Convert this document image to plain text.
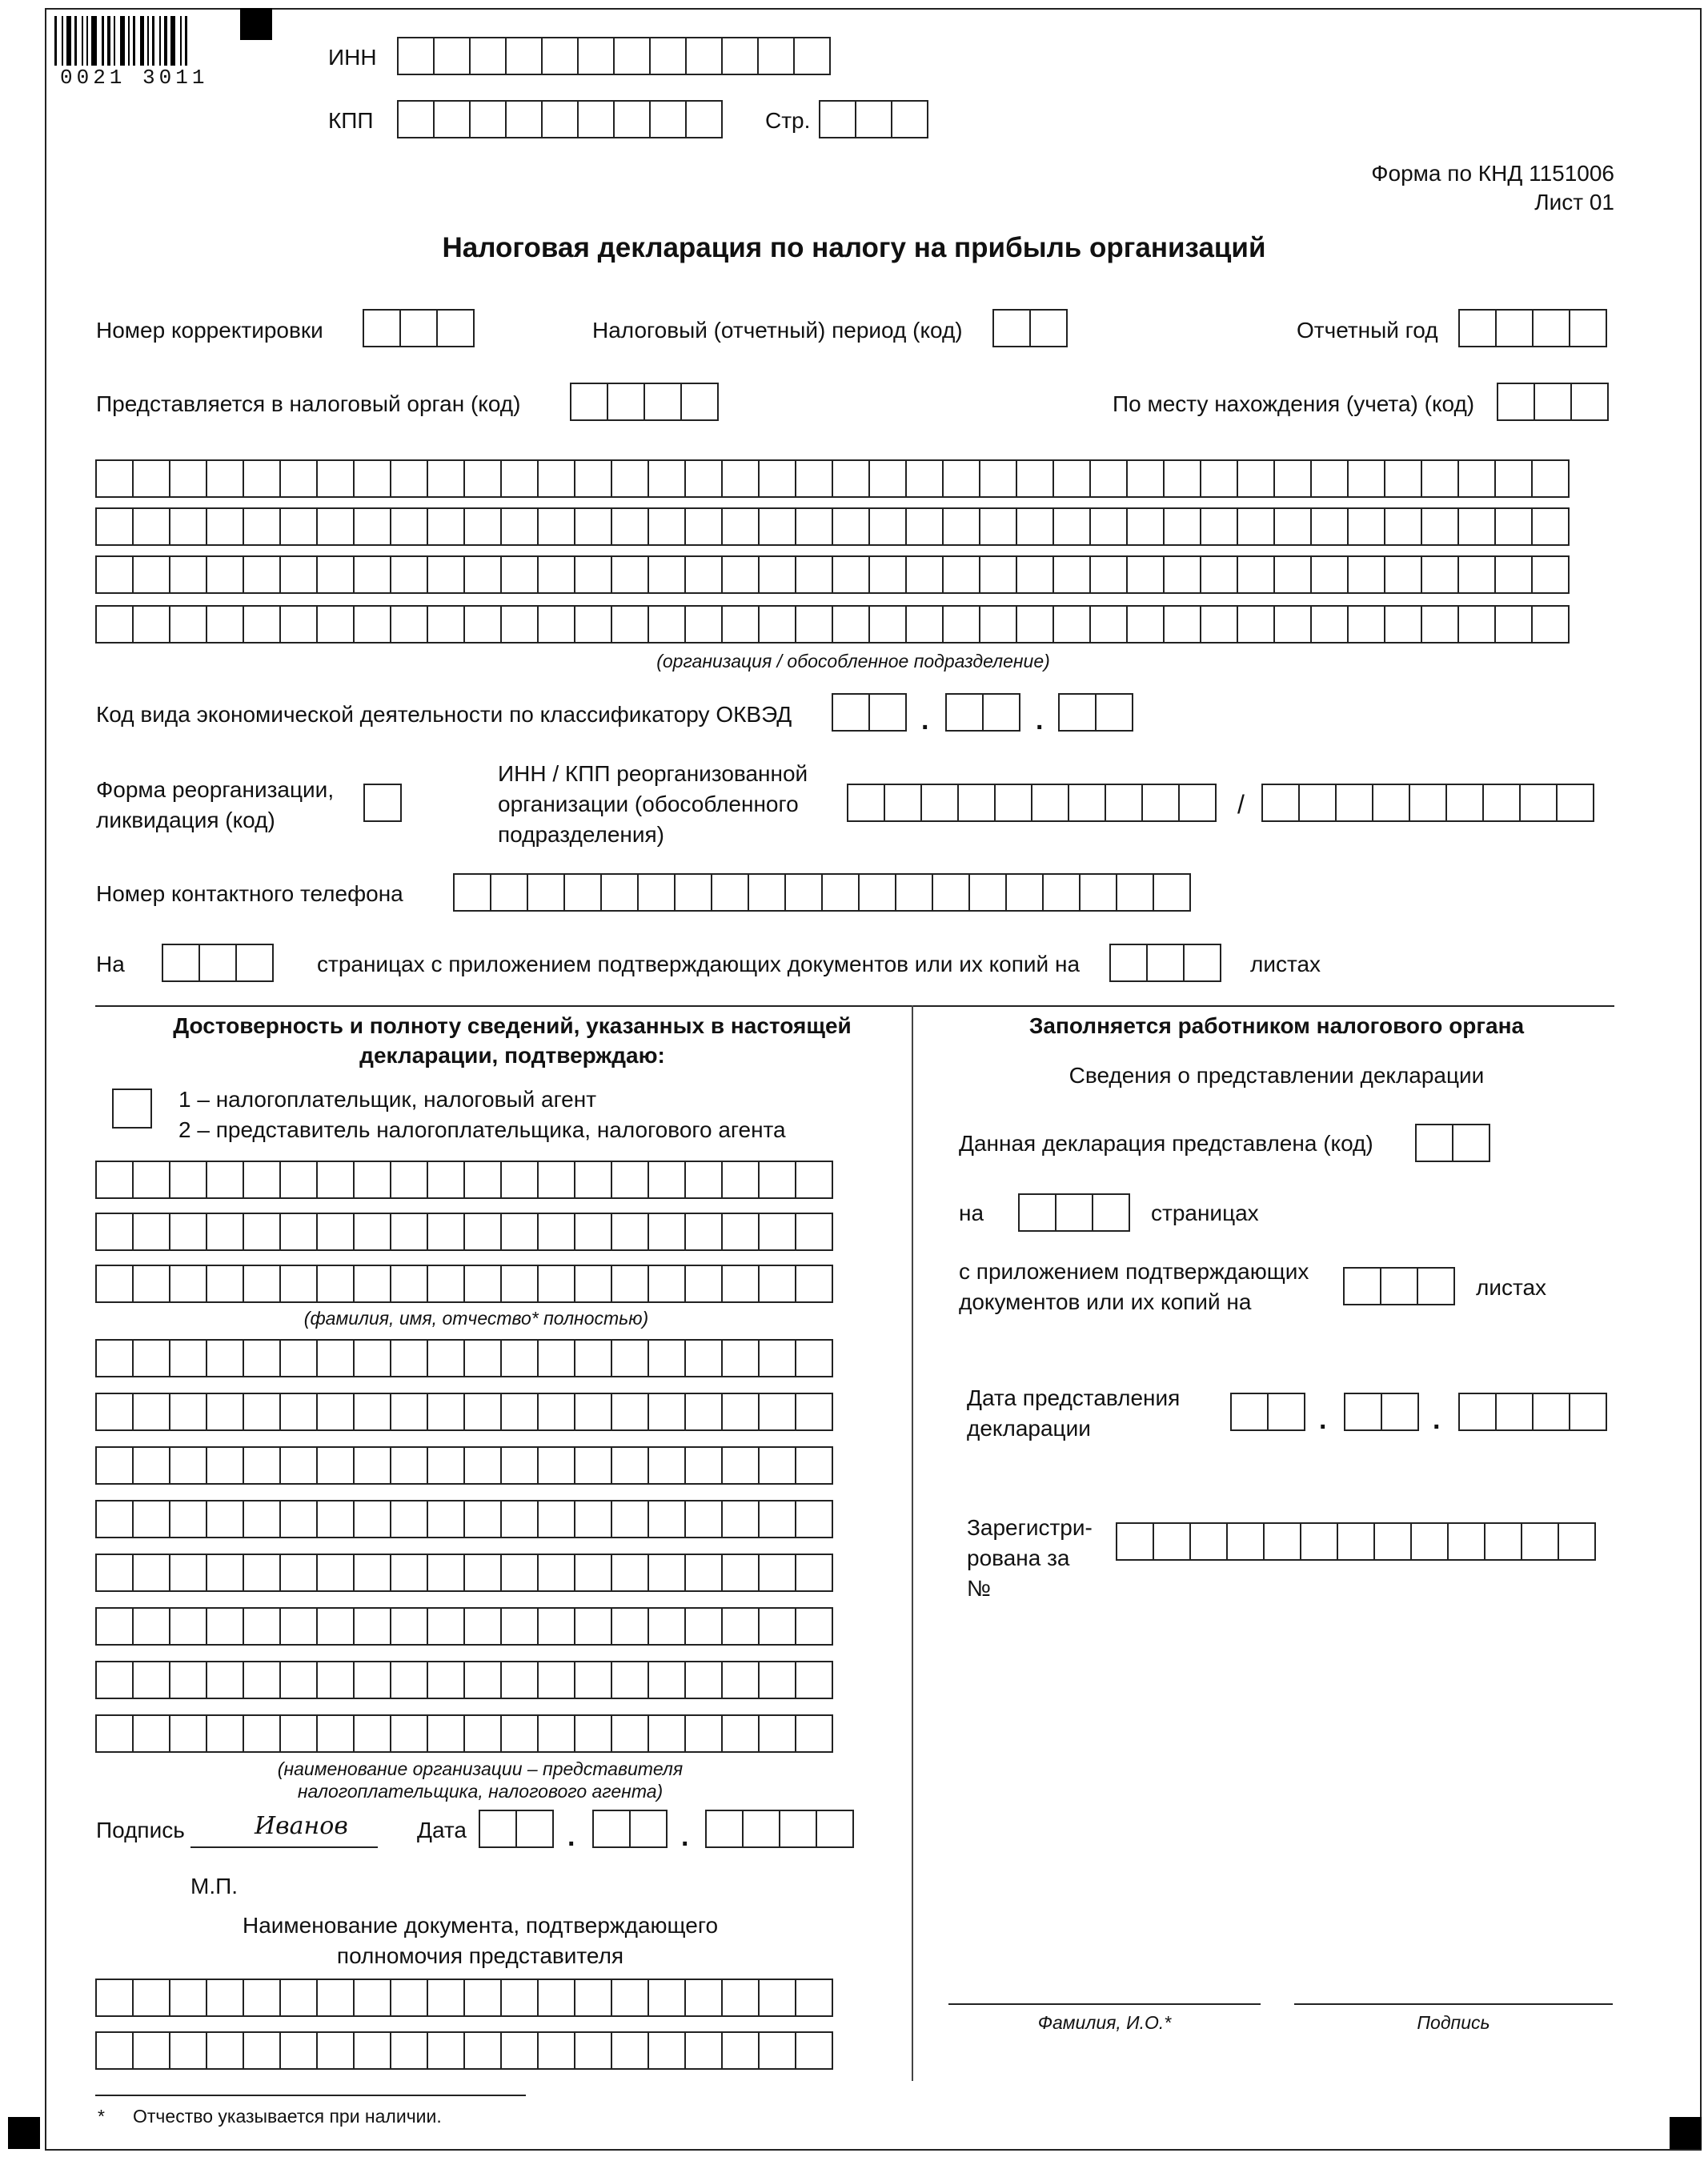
0021 3011
ИНН
КПП	Стр.
Форма по КНД 1151006
Лист 01
Налоговая декларация по налогу на прибыль организаций
Номер корректировки	Налоговый (отчетный) период (код)	Отчетный год
Представляется в налоговый орган (код)	По месту нахождения (учета) (код)
(организация / обособленное подразделение)
Код вида экономической деятельности по классификатору ОКВЭД	.	.
Форма реорганизации, ликвидация (код)
ИНН / КПП реорганизованной организации (обособленного подразделения)
/
Номер контактного телефона
На	страницах с приложением подтверждающих документов или их копий на	листах
Достоверность и полноту сведений, указанных в настоящей декларации, подтверждаю:
1 – налогоплательщик, налоговый агент
2 – представитель налогоплательщика, налогового агента
(фамилия, имя, отчество* полностью)
(наименование организации – представителя налогоплательщика, налогового агента)
Подпись	Иванов	Дата	.	.
М.П.
Наименование документа, подтверждающего полномочия представителя
Заполняется работником налогового органа
Сведения о представлении декларации
Данная декларация представлена (код)
на	страницах
с приложением подтверждающих документов или их копий на
листах
Дата представления декларации	.	.
Зарегистри-рована за №
Фамилия, И.О.*	Подпись
* Отчество указывается при наличии.
